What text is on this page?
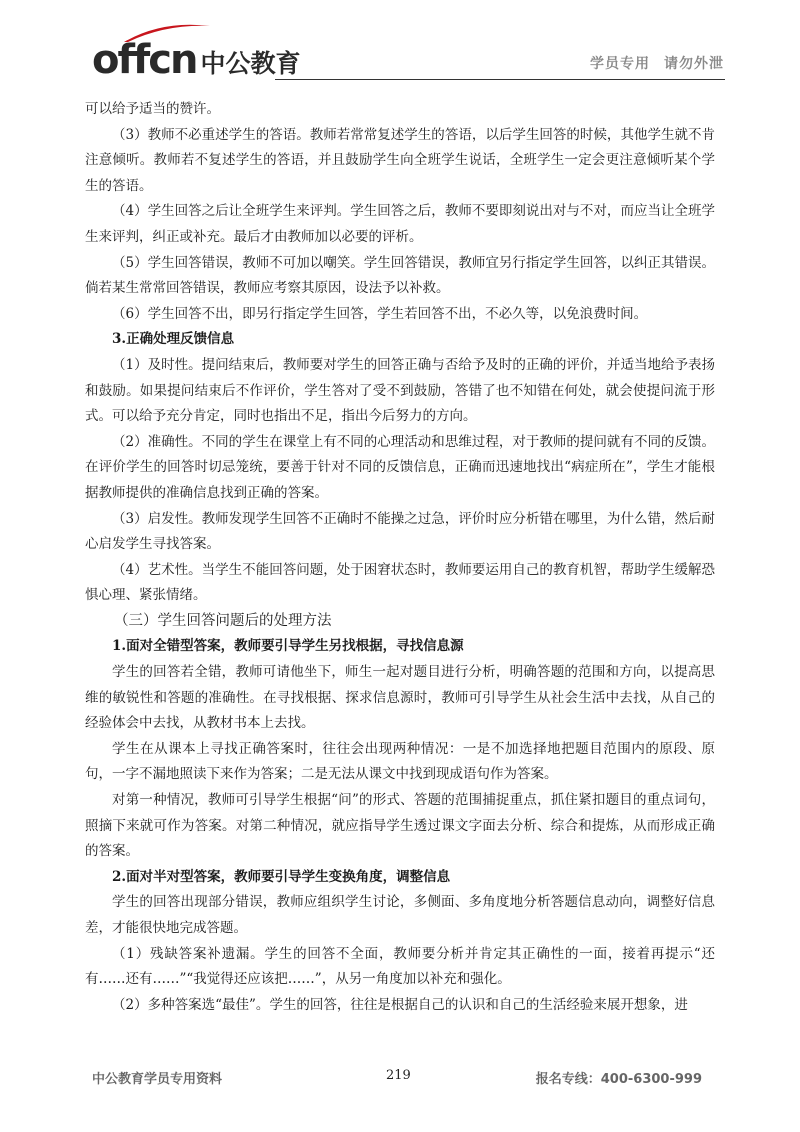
offcn 中公教育	学员专用 请勿外泄

可以给予适当的赞许。

（3）教师不必重述学生的答语。教师若常常复述学生的答语，以后学生回答的时候，其他学生就不肯注意倾听。教师若不复述学生的答语，并且鼓励学生向全班学生说话，全班学生一定会更注意倾听某个学生的答语。

（4）学生回答之后让全班学生来评判。学生回答之后，教师不要即刻说出对与不对，而应当让全班学生来评判，纠正或补充。最后才由教师加以必要的评析。

（5）学生回答错误，教师不可加以嘲笑。学生回答错误，教师宜另行指定学生回答，以纠正其错误。倘若某生常常回答错误，教师应考察其原因，设法予以补救。

（6）学生回答不出，即另行指定学生回答，学生若回答不出，不必久等，以免浪费时间。

3.正确处理反馈信息

（1）及时性。提问结束后，教师要对学生的回答正确与否给予及时的正确的评价，并适当地给予表扬和鼓励。如果提问结束后不作评价，学生答对了受不到鼓励，答错了也不知错在何处，就会使提问流于形式。可以给予充分肯定，同时也指出不足，指出今后努力的方向。

（2）准确性。不同的学生在课堂上有不同的心理活动和思维过程，对于教师的提问就有不同的反馈。在评价学生的回答时切忌笼统，要善于针对不同的反馈信息，正确而迅速地找出“病症所在”，学生才能根据教师提供的准确信息找到正确的答案。

（3）启发性。教师发现学生回答不正确时不能操之过急，评价时应分析错在哪里，为什么错，然后耐心启发学生寻找答案。

（4）艺术性。当学生不能回答问题，处于困窘状态时，教师要运用自己的教育机智，帮助学生缓解恐惧心理、紧张情绪。

（三）学生回答问题后的处理方法

1.面对全错型答案，教师要引导学生另找根据，寻找信息源

学生的回答若全错，教师可请他坐下，师生一起对题目进行分析，明确答题的范围和方向，以提高思维的敏锐性和答题的准确性。在寻找根据、探求信息源时，教师可引导学生从社会生活中去找，从自己的经验体会中去找，从教材书本上去找。

学生在从课本上寻找正确答案时，往往会出现两种情况：一是不加选择地把题目范围内的原段、原句，一字不漏地照读下来作为答案；二是无法从课文中找到现成语句作为答案。

对第一种情况，教师可引导学生根据“问”的形式、答题的范围捕捉重点，抓住紧扣题目的重点词句，照摘下来就可作为答案。对第二种情况，就应指导学生透过课文字面去分析、综合和提炼，从而形成正确的答案。

2.面对半对型答案，教师要引导学生变换角度，调整信息

学生的回答出现部分错误，教师应组织学生讨论，多侧面、多角度地分析答题信息动向，调整好信息差，才能很快地完成答题。

（1）残缺答案补遗漏。学生的回答不全面，教师要分析并肯定其正确性的一面，接着再提示“还有……还有……”“我觉得还应该把……”，从另一角度加以补充和强化。

（2）多种答案选“最佳”。学生的回答，往往是根据自己的认识和自己的生活经验来展开想象，进

中公教育学员专用资料	219	报名专线：400-6300-999
